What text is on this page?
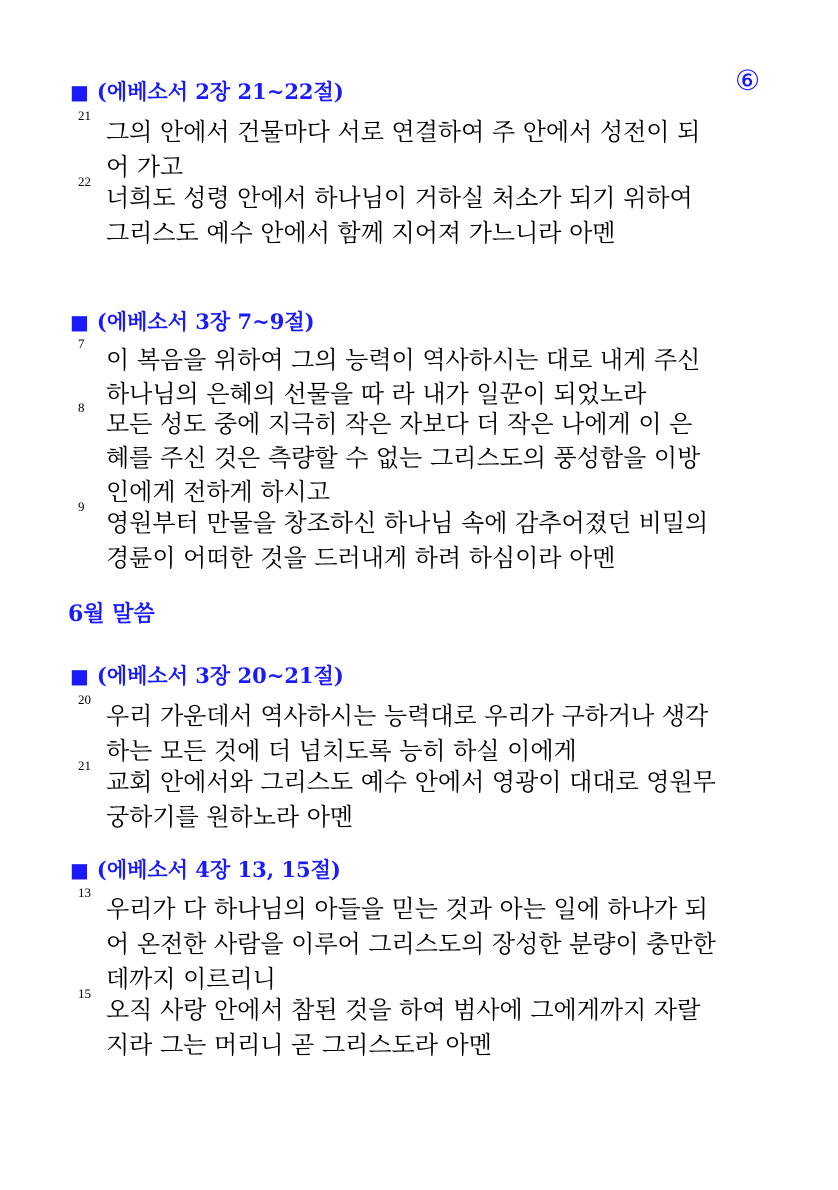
⑥
6월 말씀
■ (에베소서 2장 21~22절)
21
그의 안에서 건물마다 서로 연결하여 주 안에서 성전이 되
어 가고
22
너희도 성령 안에서 하나님이 거하실 처소가 되기 위하여
그리스도 예수 안에서 함께 지어져 가느니라 아멘
■ (에베소서 3장 7~9절)
7
이 복음을 위하여 그의 능력이 역사하시는 대로 내게 주신
하나님의 은혜의 선물을 따 라 내가 일꾼이 되었노라
8
모든 성도 중에 지극히 작은 자보다 더 작은 나에게 이 은
혜를 주신 것은 측량할 수 없는 그리스도의 풍성함을 이방
인에게 전하게 하시고
9
영원부터 만물을 창조하신 하나님 속에 감추어졌던 비밀의
경륜이 어떠한 것을 드러내게 하려 하심이라 아멘
■ (에베소서 3장 20~21절)
20
우리 가운데서 역사하시는 능력대로 우리가 구하거나 생각
하는 모든 것에 더 넘치도록 능히 하실 이에게
21
교회 안에서와 그리스도 예수 안에서 영광이 대대로 영원무
궁하기를 원하노라 아멘
■ (에베소서 4장 13, 15절)
13
우리가 다 하나님의 아들을 믿는 것과 아는 일에 하나가 되
어 온전한 사람을 이루어 그리스도의 장성한 분량이 충만한
데까지 이르리니
15
오직 사랑 안에서 참된 것을 하여 범사에 그에게까지 자랄
지라 그는 머리니 곧 그리스도라 아멘
